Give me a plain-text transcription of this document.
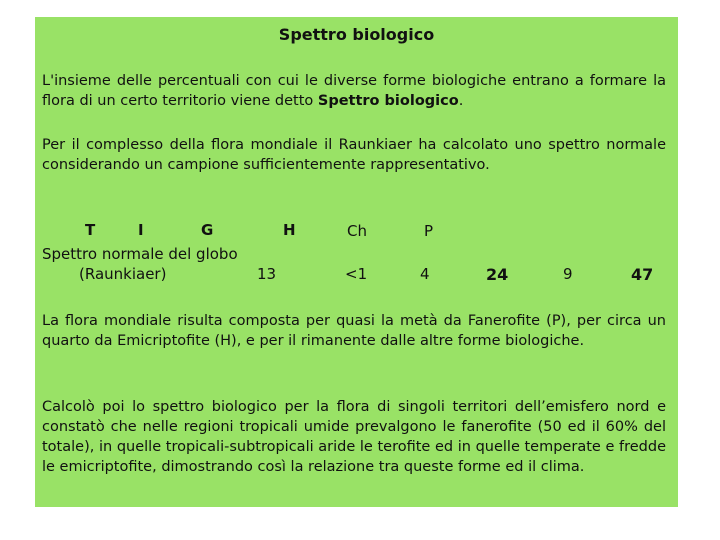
Spettro biologico
L'insieme delle percentuali con cui le diverse forme biologiche entrano a formare la flora di un certo territorio viene detto Spettro biologico.
Per il complesso della flora mondiale il Raunkiaer ha calcolato uno spettro normale considerando un campione sufficientemente rappresentativo.
T	I	G	H	Ch	P
Spettro normale del globo
(Raunkiaer)	13	<1	4	24	9	47
La flora mondiale risulta composta per quasi la metà da Fanerofite (P), per circa un quarto da Emicriptofite (H), e per il rimanente dalle altre forme biologiche.
Calcolò poi lo spettro biologico per la flora di singoli territori dell’emisfero nord e constatò che nelle regioni tropicali umide prevalgono le fanerofite (50 ed il 60% del totale), in quelle tropicali-subtropicali aride le terofite ed in quelle temperate e fredde le emicriptofite, dimostrando così la relazione tra queste forme ed il clima.
